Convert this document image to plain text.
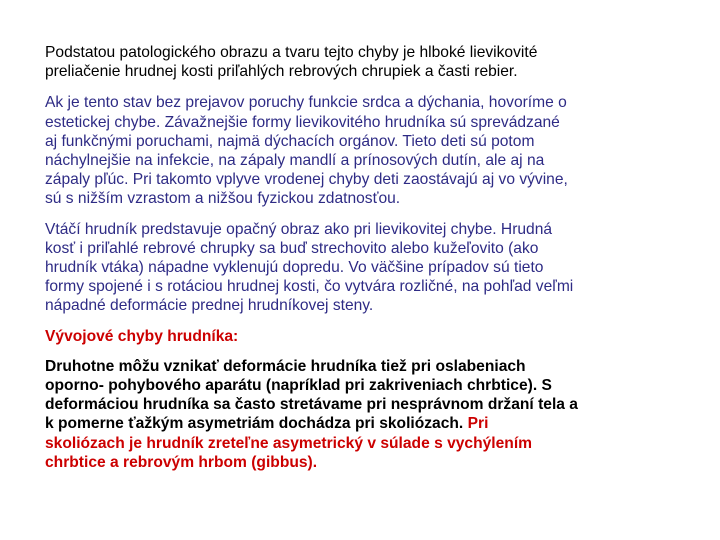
Podstatou patologického obrazu a tvaru tejto chyby je hlboké lievikovité
preliačenie hrudnej kosti priľahlých rebrových chrupiek a časti rebier.

Ak je tento stav bez prejavov poruchy funkcie srdca a dýchania, hovoríme o
estetickej chybe. Závažnejšie formy lievikovitého hrudníka sú sprevádzané
aj funkčnými poruchami, najmä dýchacích orgánov. Tieto deti sú potom
náchylnejšie na infekcie, na zápaly mandlí a prínosových dutín, ale aj na
zápaly pľúc. Pri takomto vplyve vrodenej chyby deti zaostávajú aj vo vývine,
sú s nižším vzrastom a nižšou fyzickou zdatnosťou.

Vtáčí hrudník predstavuje opačný obraz ako pri lievikovitej chybe. Hrudná
kosť i priľahlé rebrové chrupky sa buď strechovito alebo kužeľovito (ako
hrudník vtáka) nápadne vyklenujú dopredu. Vo väčšine prípadov sú tieto
formy spojené i s rotáciou hrudnej kosti, čo vytvára rozličné, na pohľad veľmi
nápadné deformácie prednej hrudníkovej steny.

Vývojové chyby hrudníka:

Druhotne môžu vznikať deformácie hrudníka tiež pri oslabeniach
oporno- pohybového aparátu (napríklad pri zakriveniach chrbtice). S
deformáciou hrudníka sa často stretávame pri nesprávnom držaní tela a
k pomerne ťažkým asymetriám dochádza pri skoliózach. Pri
skoliózach je hrudník zreteľne asymetrický v súlade s vychýlením
chrbtice a rebrovým hrbom (gibbus).
